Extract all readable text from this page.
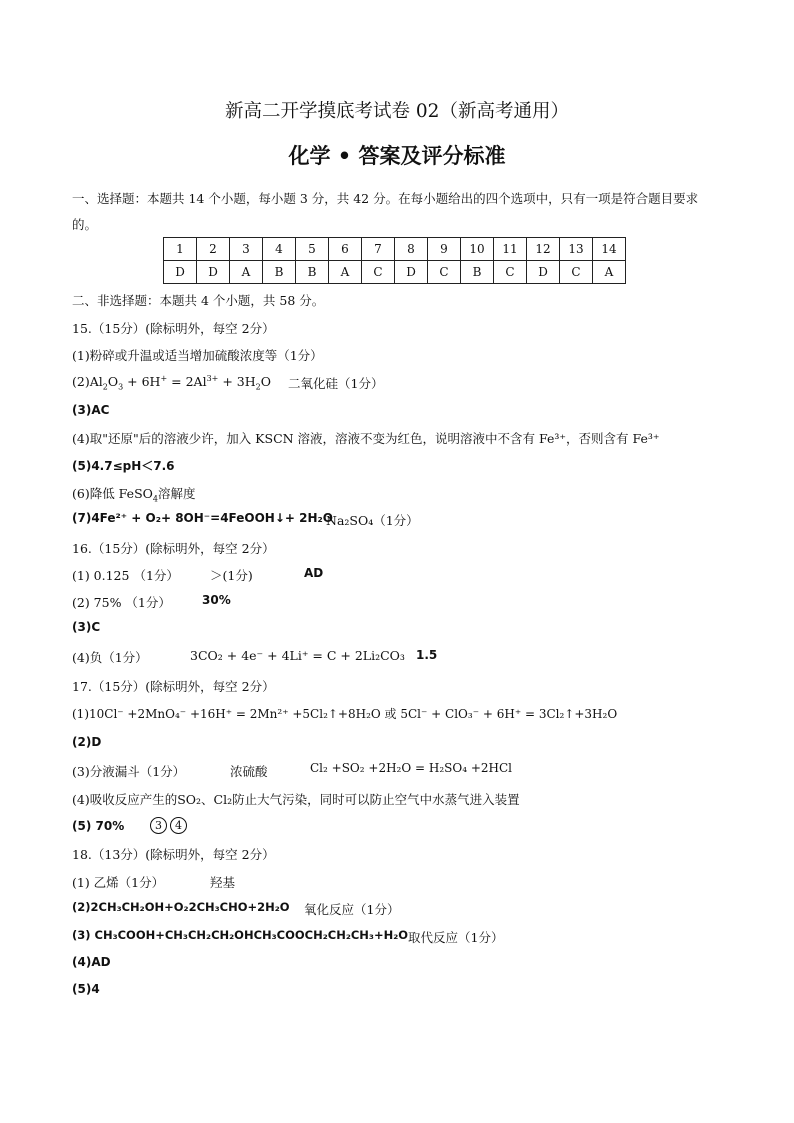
新高二开学摸底考试卷 02（新高考通用）
化学 • 答案及评分标准
一、选择题：本题共 14 个小题，每小题 3 分，共 42 分。在每小题给出的四个选项中，只有一项是符合题目要求的。
1	2	3	4	5	6	7	8	9	10	11	12	13	14
D	D	A	B	B	A	C	D	C	B	C	D	C	A
二、非选择题：本题共 4 个小题，共 58 分。
15.（15分）(除标明外，每空 2分）
(1)粉碎或升温或适当增加硫酸浓度等（1分）
$(2)Al_2O_3 + 6H^+ = 2Al^{3+} + 3H_2O$ 二氧化硅（1分）
(3)AC
(4)取"还原"后的溶液少许，加入 KSCN 溶液，溶液不变为红色，说明溶液中不含有 Fe³⁺，否则含有 Fe³⁺
(5)4.7≤pH＜7.6
(6)降低 FeSO$_4$溶解度
(7)4Fe²⁺ + O₂+ 8OH⁻=4FeOOH↓+ 2H₂O
Na₂SO₄（1分）
16.（15分）(除标明外，每空 2分）
(1) 0.125 （1分） ＞(1分)	AD
(2) 75% （1分）	30%
(3)C
(4)负（1分）	3CO₂ + 4e⁻ + 4Li⁺ = C + 2Li₂CO₃ 1.5
17.（15分）(除标明外，每空 2分）
(1)10Cl⁻ +2MnO₄⁻ +16H⁺ = 2Mn²⁺ +5Cl₂↑+8H₂O 或 5Cl⁻ + ClO₃⁻ + 6H⁺ = 3Cl₂↑+3H₂O
(2)D
(3)分液漏斗（1分）	浓硫酸	Cl₂ +SO₂ +2H₂O = H₂SO₄ +2HCl
(4)吸收反应产生的SO₂、Cl₂防止大气污染，同时可以防止空气中水蒸气进入装置
(5) 70%	3 4
18.（13分）(除标明外，每空 2分）
(1) 乙烯（1分）	羟基
(2)2CH₃CH₂OH+O₂2CH₃CHO+2H₂O 氧化反应（1分）
(3) CH₃COOH+CH₃CH₂CH₂OHCH₃COOCH₂CH₂CH₃+H₂O 取代反应（1分）
(4)AD
(5)4
